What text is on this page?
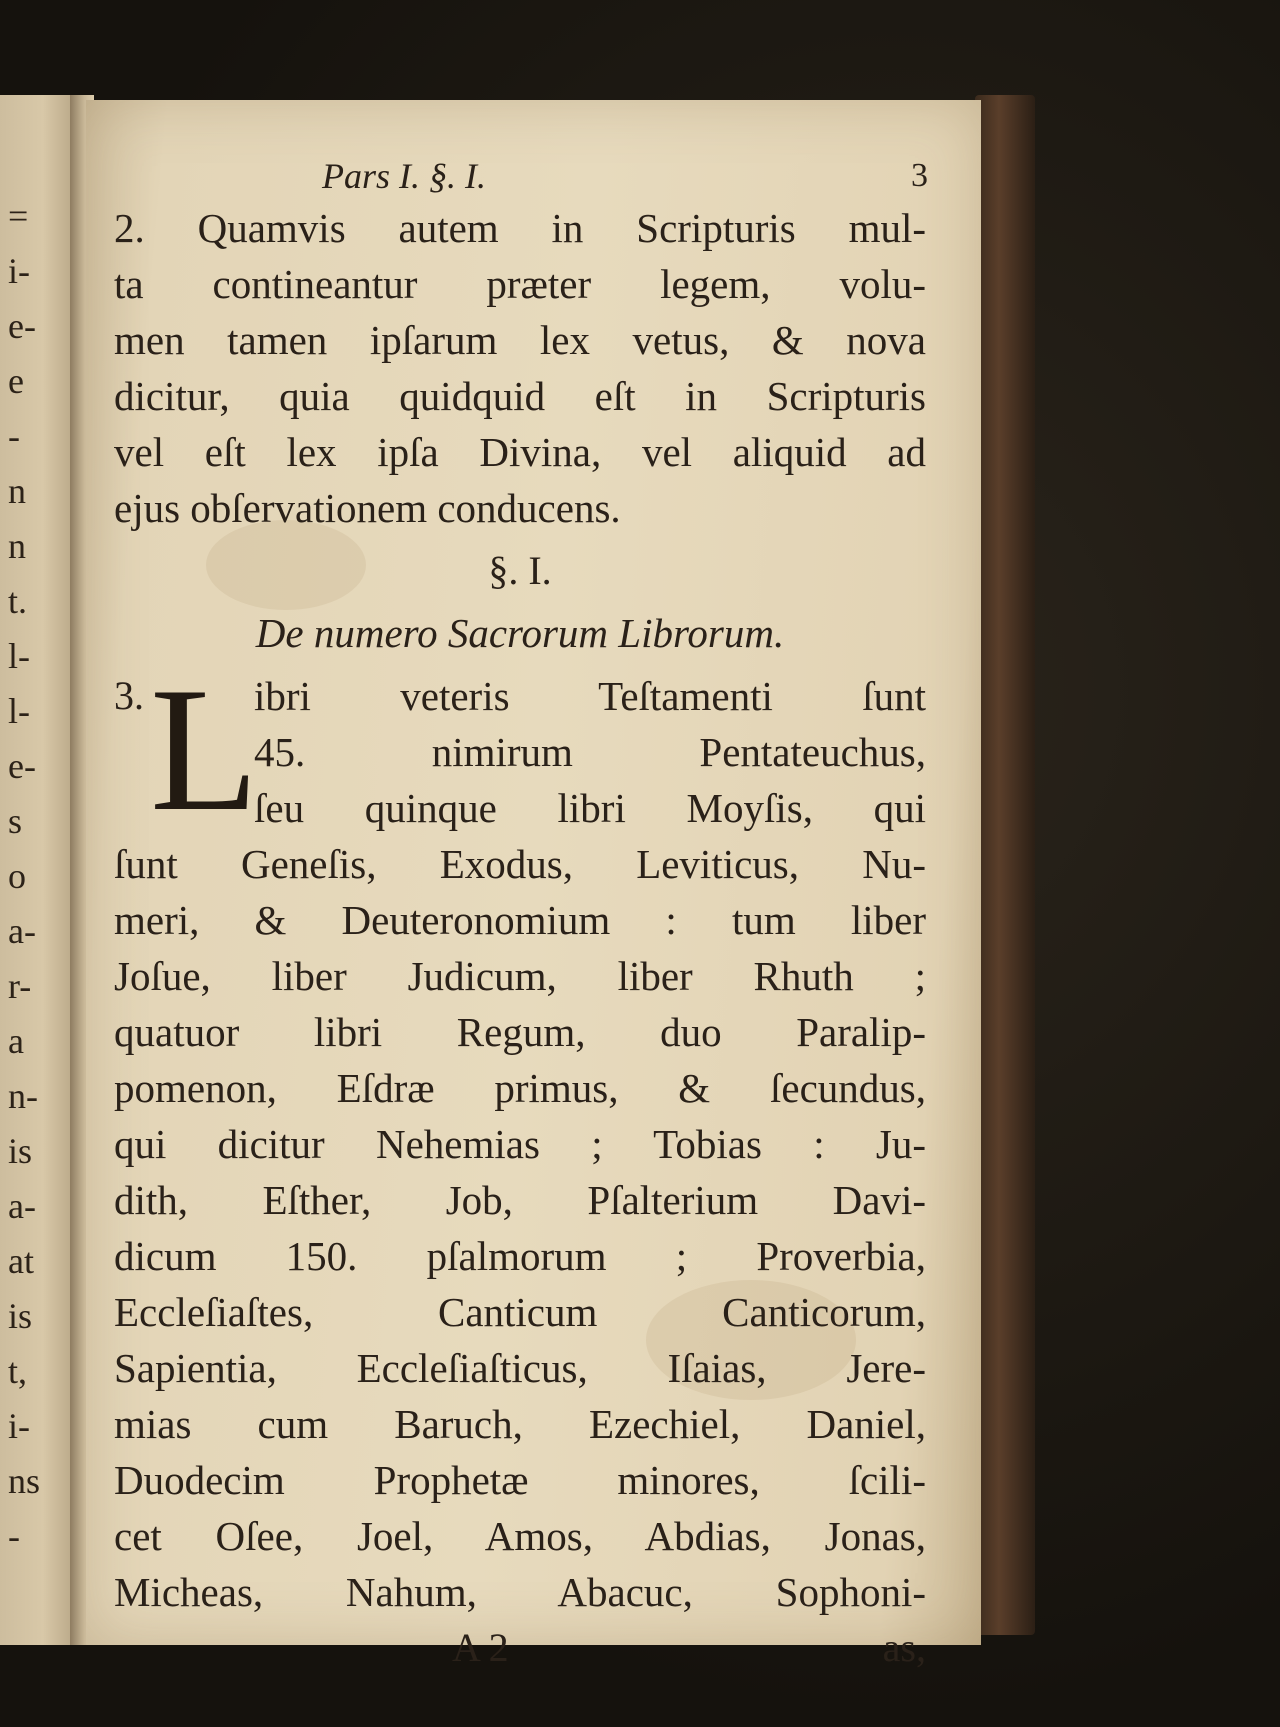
=
i-
e-
e
-
n
n
t.
l-
l-
e-
s
o
a-
r-
a
n-
is
a-
at
is
t,
i-
ns
-
Pars I. §. I.	3
2. Quamvis autem in Scripturis mul-
ta contineantur præter legem, volu-
men tamen ipſarum lex vetus, & nova
dicitur, quia quidquid eſt in Scripturis
vel eſt lex ipſa Divina, vel aliquid ad
ejus obſervationem conducens.
§. I.
De numero Sacrorum Librorum.
3. L
ibri veteris Teſtamenti ſunt
45. nimirum Pentateuchus,
ſeu quinque libri Moyſis, qui
ſunt Geneſis, Exodus, Leviticus, Nu-
meri, & Deuteronomium : tum liber
Joſue, liber Judicum, liber Rhuth ;
quatuor libri Regum, duo Paralip-
pomenon, Eſdræ primus, & ſecundus,
qui dicitur Nehemias ; Tobias : Ju-
dith, Eſther, Job, Pſalterium Davi-
dicum 150. pſalmorum ; Proverbia,
Eccleſiaſtes, Canticum Canticorum,
Sapientia, Eccleſiaſticus, Iſaias, Jere-
mias cum Baruch, Ezechiel, Daniel,
Duodecim Prophetæ minores, ſcili-
cet Oſee, Joel, Amos, Abdias, Jonas,
Micheas, Nahum, Abacuc, Sophoni-
A 2	as,
